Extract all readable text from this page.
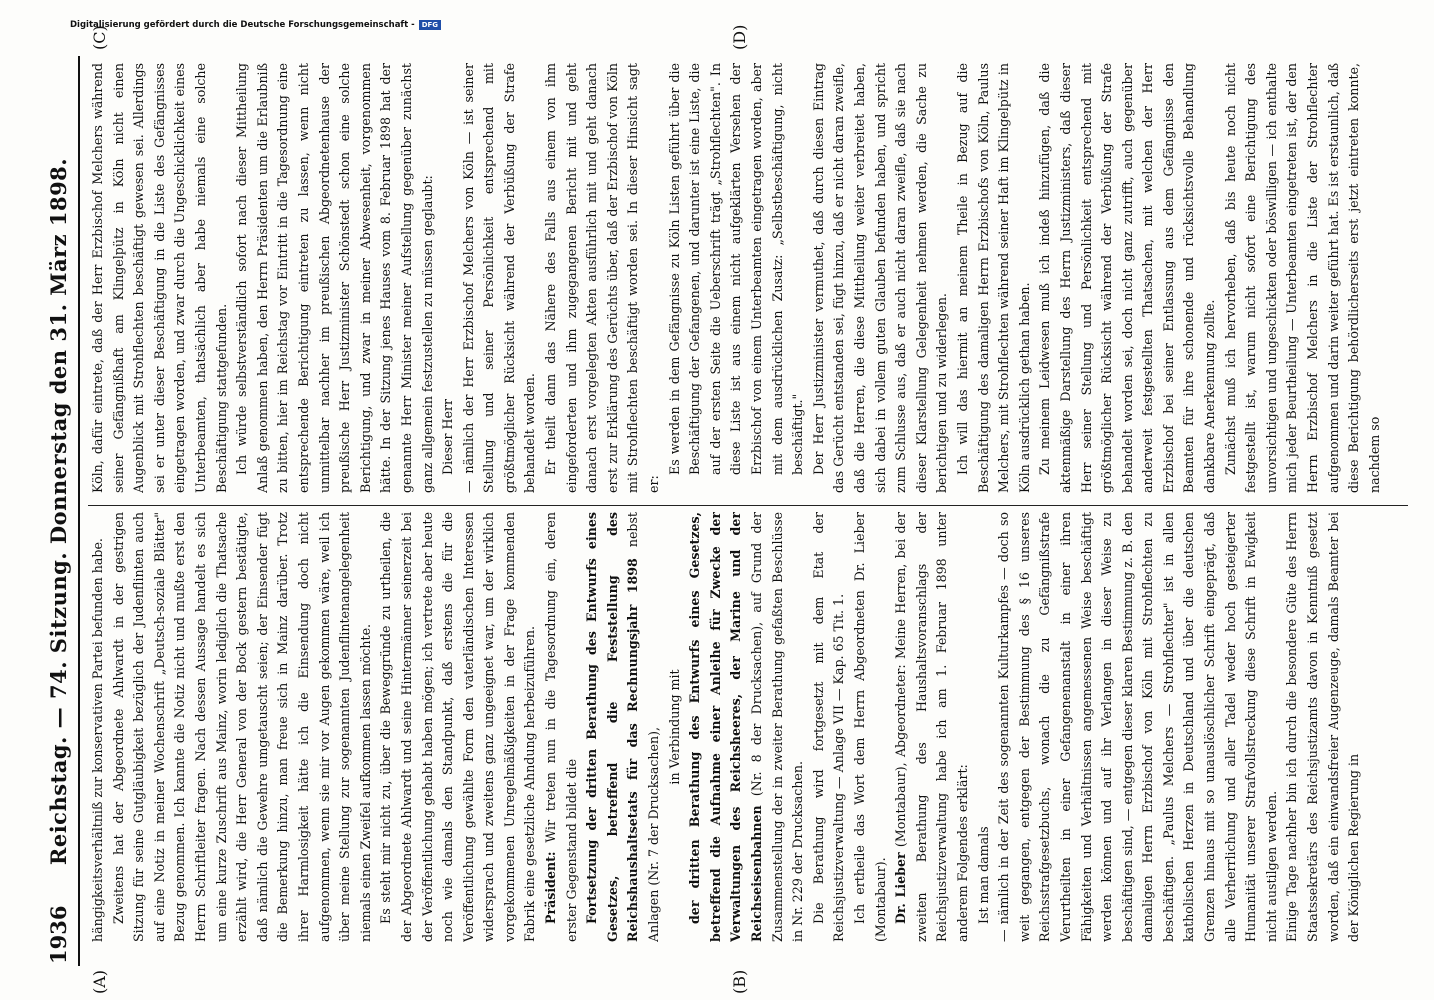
(A)	(B)
(C)	(D)
1936
Reichstag. — 74. Sitzung. Donnerstag den 31. März 1898. hängigkeitsverhältniß zur konservativen Partei befunden habe. Zweitens hat der Abgeordnete Ahlwardt in der gestrigen Sitzung für seine Gutgläubigkeit bezüglich der Judenflinten auch auf eine Notiz in meiner Wochenschrift „Deutsch-soziale Blätter" Bezug genommen. Ich kannte die Notiz nicht und mußte erst den Herrn Schriftleiter fragen. Nach dessen Aussage handelt es sich um eine kurze Zuschrift aus Mainz, worin lediglich die Thatsache erzählt wird, die Herr General von der Bock gestern bestätigte, daß nämlich die Gewehre umgetauscht seien; der Einsender fügt die Bemerkung hinzu, man freue sich in Mainz darüber. Trotz ihrer Harmlosigkeit hätte ich die Einsendung doch nicht aufgenommen, wenn sie mir vor Augen gekommen wäre, weil ich über meine Stellung zur sogenannten Judenflintenangelegenheit niemals einen Zweifel aufkommen lassen möchte. Es steht mir nicht zu, über die Beweggründe zu urtheilen, die der Abgeordnete Ahlwardt und seine Hintermänner seinerzeit bei der Veröffentlichung gehabt haben mögen; ich vertrete aber heute noch wie damals den Standpunkt, daß erstens die für die Veröffentlichung gewählte Form den vaterländischen Interessen widersprach und zweitens ganz ungeeignet war, um der wirklich vorgekommenen Unregelmäßigkeiten in der Frage kommenden Fabrik eine gesetzliche Ahndung herbeizuführen. Präsident: Wir treten nun in die Tagesordnung ein, deren erster Gegenstand bildet die Fortsetzung der dritten Berathung des Entwurfs eines Gesetzes, betreffend die Feststellung des Reichshaushaltsetats für das Rechnungsjahr 1898 nebst Anlagen (Nr. 7 der Drucksachen), in Verbindung mit der dritten Berathung des Entwurfs eines Gesetzes, betreffend die Aufnahme einer Anleihe für Zwecke der Verwaltungen des Reichsheeres, der Marine und der Reichseisenbahnen (Nr. 8 der Drucksachen), auf Grund der Zusammenstellung der in zweiter Berathung gefaßten Beschlüsse in Nr. 229 der Drucksachen. Die Berathung wird fortgesetzt mit dem Etat der Reichsjustizverwaltung — Anlage VII — Kap. 65 Tit. 1. Ich ertheile das Wort dem Herrn Abgeordneten Dr. Lieber (Montabaur). Dr. Lieber (Montabaur), Abgeordneter: Meine Herren, bei der zweiten Berathung des Haushaltsvoranschlags der Reichsjustizverwaltung habe ich am 1. Februar 1898 unter anderem Folgendes erklärt: Ist man damals — nämlich in der Zeit des sogenannten Kulturkampfes — doch so weit gegangen, entgegen der Bestimmung des § 16 unseres Reichsstrafgesetzbuchs, wonach die zu Gefängnißstrafe Verurtheilten in einer Gefangenenanstalt in einer ihren Fähigkeiten und Verhältnissen angemessenen Weise beschäftigt werden können und auf ihr Verlangen in dieser Weise zu beschäftigen sind, — entgegen dieser klaren Bestimmung z. B. den damaligen Herrn Erzbischof von Köln mit Strohflechten zu beschäftigen. „Paulus Melchers — Strohflechter" ist in allen katholischen Herzen in Deutschland und über die deutschen Grenzen hinaus mit so unauslöschlicher Schrift eingeprägt, daß alle Verherrlichung und aller Tadel weder hoch gesteigerter Humanität unserer Strafvollstreckung diese Schrift in Ewigkeit nicht austilgen werden. Einige Tage nachher bin ich durch die besondere Güte des Herrn Staatssekretärs des Reichsjustizamts davon in Kenntniß gesetzt worden, daß ein einwandsfreier Augenzeuge, damals Beamter bei der Königlichen Regierung in

Köln, dafür eintrete, daß der Herr Erzbischof Melchers während seiner Gefängnißhaft am Klingelpütz in Köln nicht einen Augenblick mit Strohflechten beschäftigt gewesen sei. Allerdings sei er unter dieser Beschäftigung in die Liste des Gefängnisses eingetragen worden, und zwar durch die Ungeschicklichkeit eines Unterbeamten, thatsächlich aber habe niemals eine solche Beschäftigung stattgefunden. Ich würde selbstverständlich sofort nach dieser Mittheilung Anlaß genommen haben, den Herrn Präsidenten um die Erlaubniß zu bitten, hier im Reichstag vor Eintritt in die Tagesordnung eine entsprechende Berichtigung eintreten zu lassen, wenn nicht unmittelbar nachher im preußischen Abgeordnetenhause der preußische Herr Justizminister Schönstedt schon eine solche Berichtigung, und zwar in meiner Abwesenheit, vorgenommen hätte. In der Sitzung jenes Hauses vom 8. Februar 1898 hat der genannte Herr Minister meiner Aufstellung gegenüber zunächst ganz allgemein festzustellen zu müssen geglaubt: Dieser Herr — nämlich der Herr Erzbischof Melchers von Köln — ist seiner Stellung und seiner Persönlichkeit entsprechend mit größtmöglicher Rücksicht während der Verbüßung der Strafe behandelt worden. Er theilt dann das Nähere des Falls aus einem von ihm eingeforderten und ihm zugegangenen Bericht mit und geht danach erst vorgelegten Akten ausführlich mit und geht danach erst zur Erklärung des Gerüchts über, daß der Erzbischof von Köln mit Strohflechten beschäftigt worden sei. In dieser Hinsicht sagt er:

Es werden in dem Gefängnisse zu Köln Listen geführt über die Beschäftigung der Gefangenen, und darunter ist eine Liste, die auf der ersten Seite die Ueberschrift trägt „Strohflechten". In diese Liste ist aus einem nicht aufgeklärten Versehen der Erzbischof von einem Unterbeamten eingetragen worden, aber mit dem ausdrücklichen Zusatz: „Selbstbeschäftigung, nicht beschäftigt." Der Herr Justizminister vermuthet, daß durch diesen Eintrag das Gerücht entstanden sei, fügt hinzu, daß er nicht daran zweifle, daß die Herren, die diese Mittheilung weiter verbreitet haben, sich dabei in vollem guten Glauben befunden haben, und spricht zum Schlusse aus, daß er auch nicht daran zweifle, daß sie nach dieser Klarstellung Gelegenheit nehmen werden, die Sache zu berichtigen und zu widerlegen. Ich will das hiermit an meinem Theile in Bezug auf die Beschäftigung des damaligen Herrn Erzbischofs von Köln, Paulus Melchers, mit Strohflechten während seiner Haft im Klingelpütz in Köln ausdrücklich gethan haben. Zu meinem Leidwesen muß ich indeß hinzufügen, daß die aktenmäßige Darstellung des Herrn Justizministers, daß dieser Herr seiner Stellung und Persönlichkeit entsprechend mit größtmöglicher Rücksicht während der Verbüßung der Strafe behandelt worden sei, doch nicht ganz zutrifft, auch gegenüber anderweit festgestellten Thatsachen, mit welchen der Herr Erzbischof bei seiner Entlassung aus dem Gefängnisse den Beamten für ihre schonende und rücksichtsvolle Behandlung dankbare Anerkennung zollte. Zunächst muß ich hervorheben, daß bis heute noch nicht festgestellt ist, warum nicht sofort eine Berichtigung des unvorsichtigen und ungeschickten oder böswilligen — ich enthalte mich jeder Beurtheilung — Unterbeamten eingetreten ist, der den Herrn Erzbischof Melchers in die Liste der Strohflechter aufgenommen und darin weiter geführt hat. Es ist erstaunlich, daß diese Berichtigung behördlicherseits erst jetzt eintreten konnte, nachdem so

Digitalisierung gefördert durch die Deutsche Forschungsgemeinschaft - DFG
